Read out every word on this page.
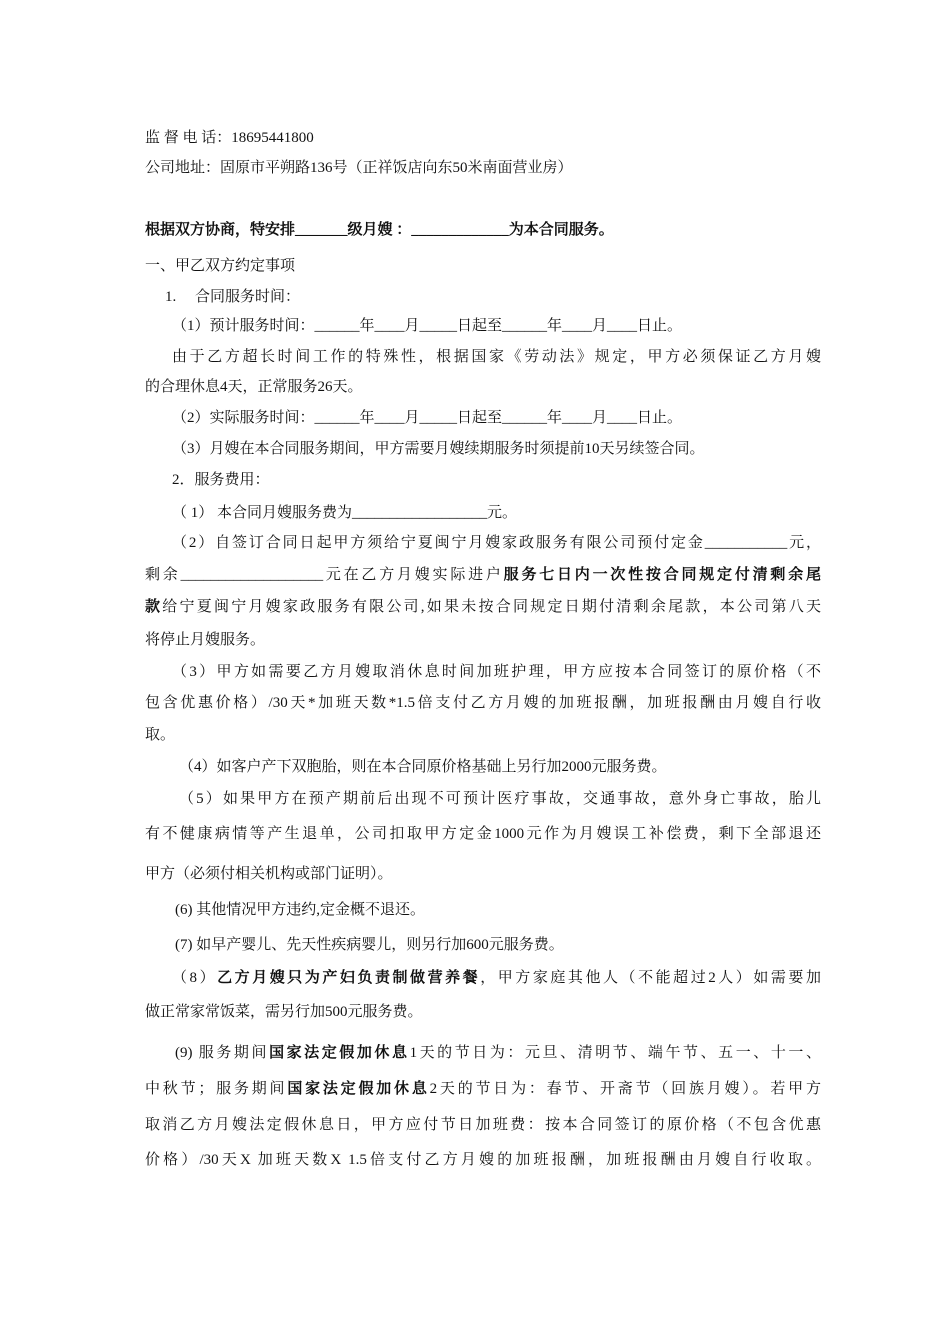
监 督 电 话：18695441800
公司地址：固原市平朔路136号（正祥饭店向东50米南面营业房）
根据双方协商，特安排_______级月嫂 ：_____________为本合同服务。
一、甲乙双方约定事项
1.     合同服务时间：
（1）预计服务时间：______年____月_____日起至______年____月____日止。
由于乙方超长时间工作的特殊性，根据国家《劳动法》规定，甲方必须保证乙方月嫂
的合理休息4天，正常服务26天。
（2）实际服务时间：______年____月_____日起至______年____月____日止。
（3）月嫂在本合同服务期间，甲方需要月嫂续期服务时须提前10天另续签合同。
2．服务费用：
（ 1） 本合同月嫂服务费为__________________元。
（2）自签订合同日起甲方须给宁夏闽宁月嫂家政服务有限公司预付定金___________元，
剩余___________________元在乙方月嫂实际进户服务七日内一次性按合同规定付清剩余尾
款给宁夏闽宁月嫂家政服务有限公司,如果未按合同规定日期付清剩余尾款，本公司第八天
将停止月嫂服务。
（3）甲方如需要乙方月嫂取消休息时间加班护理，甲方应按本合同签订的原价格（不
包含优惠价格）/30天*加班天数*1.5倍支付乙方月嫂的加班报酬，加班报酬由月嫂自行收
取。
（4）如客户产下双胞胎，则在本合同原价格基础上另行加2000元服务费。
（5）如果甲方在预产期前后出现不可预计医疗事故，交通事故，意外身亡事故，胎儿
有不健康病情等产生退单，公司扣取甲方定金1000元作为月嫂误工补偿费，剩下全部退还
甲方（必须付相关机构或部门证明）。
(6) 其他情况甲方违约,定金概不退还。
(7) 如早产婴儿、先天性疾病婴儿，则另行加600元服务费。
（8）乙方月嫂只为产妇负责制做营养餐，甲方家庭其他人（不能超过2人）如需要加
做正常家常饭菜，需另行加500元服务费。
(9) 服务期间国家法定假加休息1天的节日为：元旦、清明节、端午节、五一、十一、
中秋节；服务期间国家法定假加休息2天的节日为：春节、开斋节（回族月嫂）。若甲方
取消乙方月嫂法定假休息日，甲方应付节日加班费：按本合同签订的原价格（不包含优惠
价格）/30天X 加班天数X 1.5倍支付乙方月嫂的加班报酬，加班报酬由月嫂自行收取。
